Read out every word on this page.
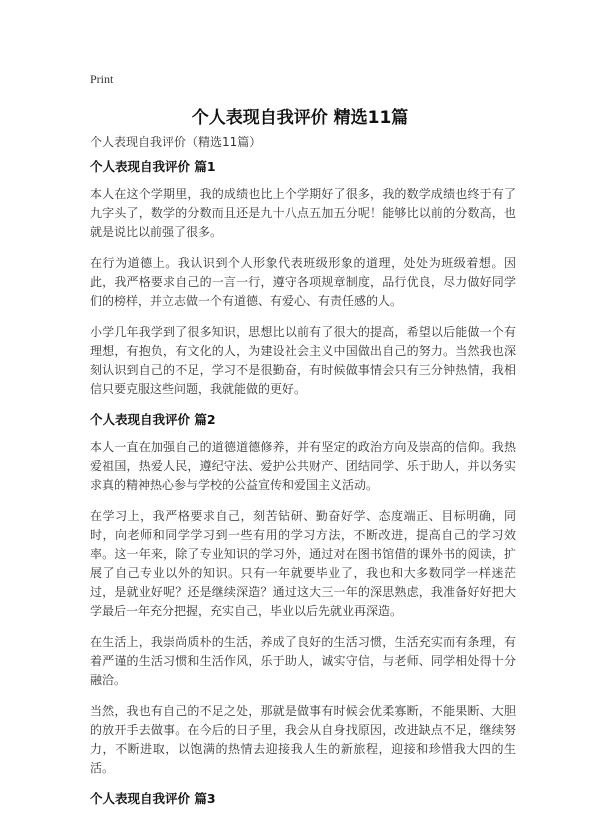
Print
个人表现自我评价 精选11篇
个人表现自我评价（精选11篇）
个人表现自我评价 篇1

本人在这个学期里，我的成绩也比上个学期好了很多，我的数学成绩也终于有了九字头了，数学的分数而且还是九十八点五加五分呢！能够比以前的分数高，也就是说比以前强了很多。

在行为道德上。我认识到个人形象代表班级形象的道理，处处为班级着想。因此，我严格要求自己的一言一行，遵守各项规章制度，品行优良，尽力做好同学们的榜样，并立志做一个有道德、有爱心、有责任感的人。

小学几年我学到了很多知识，思想比以前有了很大的提高，希望以后能做一个有理想，有抱负，有文化的人，为建设社会主义中国做出自己的努力。当然我也深刻认识到自己的不足，学习不是很勤奋，有时候做事情会只有三分钟热情，我相信只要克服这些问题，我就能做的更好。

个人表现自我评价 篇2

本人一直在加强自己的道德道德修养，并有坚定的政治方向及崇高的信仰。我热爱祖国，热爱人民，遵纪守法、爱护公共财产、团结同学、乐于助人，并以务实求真的精神热心参与学校的公益宣传和爱国主义活动。

在学习上，我严格要求自己，刻苦钻研、勤奋好学、态度端正、目标明确，同时，向老师和同学学习到一些有用的学习方法，不断改进，提高自己的学习效率。这一年来，除了专业知识的学习外，通过对在图书馆借的课外书的阅读，扩展了自己专业以外的知识。只有一年就要毕业了，我也和大多数同学一样迷茫过，是就业好呢？还是继续深造？通过这大三一年的深思熟虑，我准备好好把大学最后一年充分把握，充实自己，毕业以后先就业再深造。

在生活上，我崇尚质朴的生活，养成了良好的生活习惯，生活充实而有条理，有着严谨的生活习惯和生活作风，乐于助人，诚实守信，与老师、同学相处得十分融洽。

当然，我也有自己的不足之处，那就是做事有时候会优柔寡断，不能果断、大胆的放开手去做事。在今后的日子里，我会从自身找原因，改进缺点不足，继续努力，不断进取，以饱满的热情去迎接我人生的新旅程，迎接和珍惜我大四的生活。

个人表现自我评价 篇3
